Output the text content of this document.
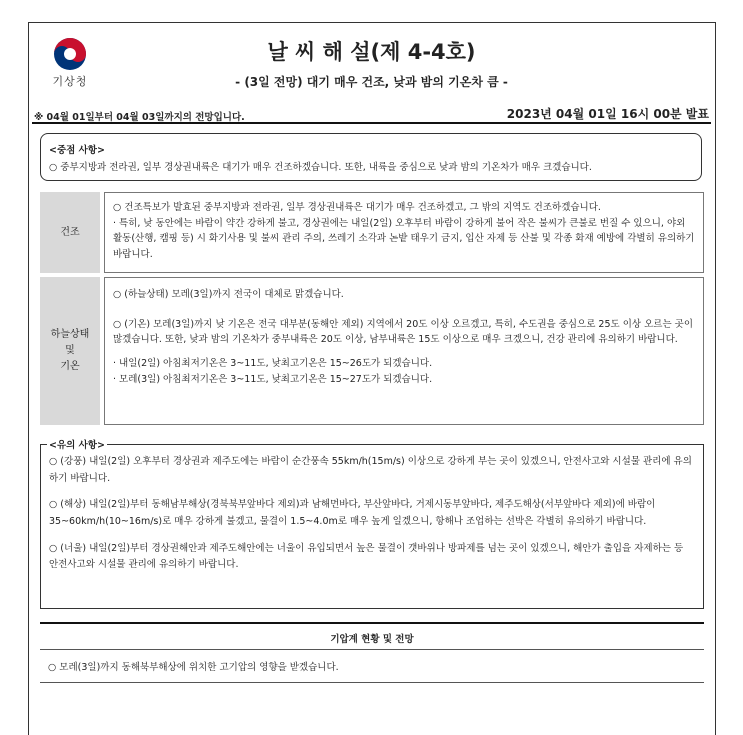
기상청
날 씨 해 설(제 4-4호)
- (3일 전망) 대기 매우 건조, 낮과 밤의 기온차 큼 -
※ 04월 01일부터 04월 03일까지의 전망입니다.	2023년 04월 01일 16시 00분 발표
<중점 사항>
○ 중부지방과 전라권, 일부 경상권내륙은 대기가 매우 건조하겠습니다. 또한, 내륙을 중심으로 낮과 밤의 기온차가 매우 크겠습니다.
건조

○ 건조특보가 발효된 중부지방과 전라권, 일부 경상권내륙은 대기가 매우 건조하겠고, 그 밖의 지역도 건조하겠습니다.

· 특히, 낮 동안에는 바람이 약간 강하게 불고, 경상권에는 내일(2일) 오후부터 바람이 강하게 불어 작은 불씨가 큰불로 번질 수 있으니, 야외 활동(산행, 캠핑 등) 시 화기사용 및 불씨 관리 주의, 쓰레기 소각과 논밭 태우기 금지, 입산 자제 등 산불 및 각종 화재 예방에 각별히 유의하기 바랍니다.

하늘상태
및
기온

○ (하늘상태) 모레(3일)까지 전국이 대체로 맑겠습니다.

○ (기온) 모레(3일)까지 낮 기온은 전국 대부분(동해안 제외) 지역에서 20도 이상 오르겠고, 특히, 수도권을 중심으로 25도 이상 오르는 곳이 많겠습니다. 또한, 낮과 밤의 기온차가 중부내륙은 20도 이상, 남부내륙은 15도 이상으로 매우 크겠으니, 건강 관리에 유의하기 바랍니다.

· 내일(2일) 아침최저기온은 3~11도, 낮최고기온은 15~26도가 되겠습니다.

· 모레(3일) 아침최저기온은 3~11도, 낮최고기온은 15~27도가 되겠습니다.

<유의 사항>

○ (강풍) 내일(2일) 오후부터 경상권과 제주도에는 바람이 순간풍속 55km/h(15m/s) 이상으로 강하게 부는 곳이 있겠으니, 안전사고와 시설물 관리에 유의하기 바랍니다.

○ (해상) 내일(2일)부터 동해남부해상(경북북부앞바다 제외)과 남해먼바다, 부산앞바다, 거제시동부앞바다, 제주도해상(서부앞바다 제외)에 바람이 35~60km/h(10~16m/s)로 매우 강하게 불겠고, 물결이 1.5~4.0m로 매우 높게 일겠으니, 항해나 조업하는 선박은 각별히 유의하기 바랍니다.

○ (너울) 내일(2일)부터 경상권해안과 제주도해안에는 너울이 유입되면서 높은 물결이 갯바위나 방파제를 넘는 곳이 있겠으니, 해안가 출입을 자제하는 등 안전사고와 시설물 관리에 유의하기 바랍니다.

기압계 현황 및 전망
○ 모레(3일)까지 동해북부해상에 위치한 고기압의 영향을 받겠습니다.
